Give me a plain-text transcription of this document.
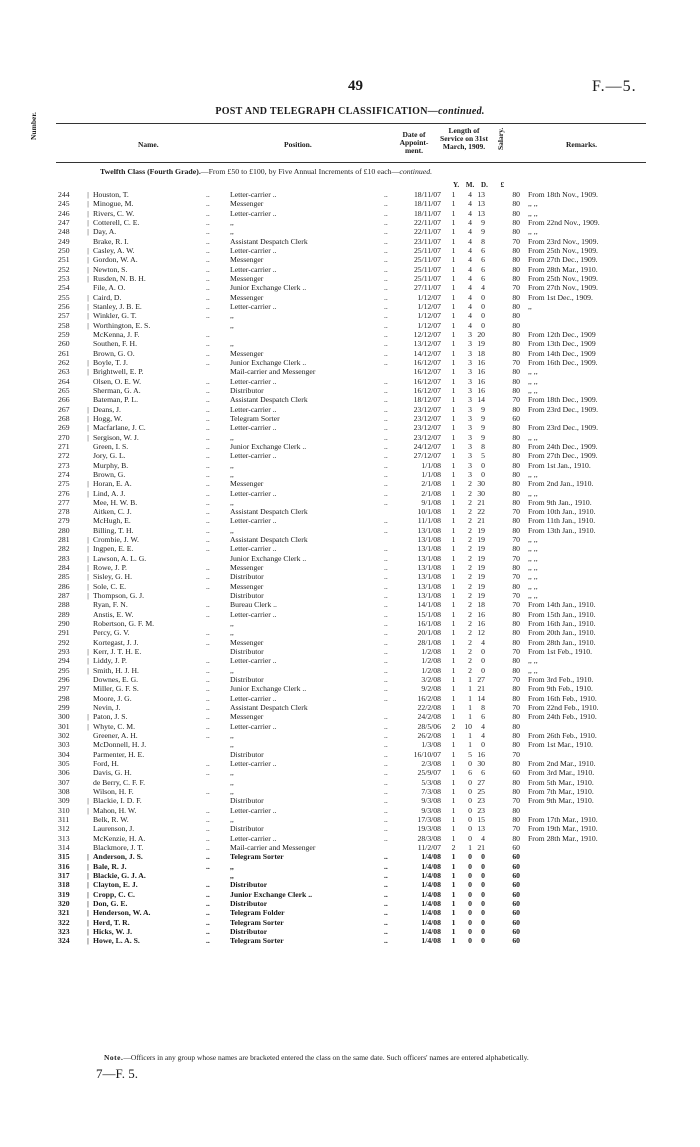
49	F.—5.
POST AND TELEGRAPH CLASSIFICATION—continued.
Number.
Name.	Position.
Date of Appoint- ment.
Length of Service on 31st March, 1909.	Salary.	Remarks.
Twelfth Class (Fourth Grade).—From £50 to £100, by Five Annual Increments of £10 each—continued.
Y. M. D. £
|
244	Houston, T.	..	Letter-carrier ..	..	18/11/07 1	4 13	80 From 18th Nov., 1909.
|
245	Minogue, M.	..	Messenger	..	18/11/07 1	4 13	80 ,, ,,
|
246	Rivers, C. W.	..	Letter-carrier ..	..	18/11/07 1	4 13	80 ,, ,,
|
247	Cotterell, C. E.	..	,,	..	22/11/07 1	4	9	80 From 22nd Nov., 1909.
|
248	Day, A.	..	,,	..	22/11/07 1	4	9	80 ,, ,,
249	Brake, R. I.	..	Assistant Despatch Clerk	..	23/11/07 1	4	8	70 From 23rd Nov., 1909.
|
250	Casley, A. W.	..	Letter-carrier ..	..	25/11/07 1	4	6	80 From 25th Nov., 1909.
|
251	Gordon, W. A.	..	Messenger	..	25/11/07 1	4	6	80 From 27th Dec., 1909.
|
252	Newton, S.	..	Letter-carrier ..	..	25/11/07 1	4	6	80 From 28th Mar., 1910.
|
253	Rusden, N. B. H.	..	Messenger	..	25/11/07 1	4	6	80 From 25th Nov., 1909.
254	File, A. O.	..	Junior Exchange Clerk ..	..	27/11/07 1	4	4	70 From 27th Nov., 1909.
|
255	Caird, D.	..	Messenger	..	1/12/07 1	4	0	80 From 1st Dec., 1909.
|
256	Stanley, J. B. E.	..	Letter-carrier ..	..	1/12/07 1	4	0	80 ,,
|
257	Winkler, G. T.	..	,,	..	1/12/07 1	4	0	80
|
258	Worthington, E. S.	,,	..	1/12/07 1	4	0	80
259	McKenna, J. F.	..	..	12/12/07 1	3 20	80 From 12th Dec., 1909
260	Southen, F. H.	..	,,	..	13/12/07 1	3 19	80 From 13th Dec., 1909
261	Brown, G. O.	..	Messenger	..	14/12/07 1	3 18	80 From 14th Dec., 1909
|
262	Boyle, T. J.	..	Junior Exchange Clerk ..	..	16/12/07 1	3 16	70 From 16th Dec., 1909.
|
263	Brightwell, E. P.	Mail-carrier and Messenger	16/12/07 1	3 16	80 ,, ,,
264	Olsen, O. E. W.	..	Letter-carrier ..	..	16/12/07 1	3 16	80 ,, ,,
265	Sherman, G. A.	..	Distributor	..	16/12/07 1	3 16	80 ,, ,,
266	Bateman, P. L.	..	Assistant Despatch Clerk	..	18/12/07 1	3 14	70 From 18th Dec., 1909.
|
267	Deans, J.	..	Letter-carrier ..	..	23/12/07 1	3	9	80 From 23rd Dec., 1909.
|
268	Hogg, W.	..	Telegram Sorter	..	23/12/07 1	3	9	60
|
269	Macfarlane, J. C.	..	Letter-carrier ..	..	23/12/07 1	3	9	80 From 23rd Dec., 1909.
|
270	Sergison, W. J.	..	,,	..	23/12/07 1	3	9	80 ,, ,,
271	Green, I. S.	..	Junior Exchange Clerk ..	..	24/12/07 1	3	8	80 From 24th Dec., 1909.
272	Jory, G. L.	..	Letter-carrier ..	..	27/12/07 1	3	5	80 From 27th Dec., 1909.
273	Murphy, B.	..	,,	..	1/1/08 1	3	0	80 From 1st Jan., 1910.
274	Brown, G.	..	,,	..	1/1/08 1	3	0	80 ,, ,,
|
275	Horan, E. A.	..	Messenger	..	2/1/08 1	2 30	80 From 2nd Jan., 1910.
|
276	Lind, A. J.	..	Letter-carrier ..	..	2/1/08 1	2 30	80 ,, ,,
277	Mee, H. W. B.	..	,,	..	9/1/08 1	2 21	80 From 9th Jan., 1910.
278	Aitken, C. J.	..	Assistant Despatch Clerk	10/1/08 1	2 22	70 From 10th Jan., 1910.
279	McHugh, E.	..	Letter-carrier ..	..	11/1/08 1	2 21	80 From 11th Jan., 1910.
280	Billing, T. H.	..	,,	..	13/1/08 1	2 19	80 From 13th Jan., 1910.
|
281	Crombie, J. W.	..	Assistant Despatch Clerk	13/1/08 1	2 19	70 ,, ,,
|
282	Ingpen, E. E.	..	Letter-carrier ..	..	13/1/08 1	2 19	80 ,, ,,
|
283	Lawson, A. L. G.	Junior Exchange Clerk ..	..	13/1/08 1	2 19	70 ,, ,,
|
284	Rowe, J. P.	..	Messenger	..	13/1/08 1	2 19	80 ,, ,,
|
285	Sisley, G. H.	..	Distributor	..	13/1/08 1	2 19	70 ,, ,,
|
286	Sole, C. E.	..	Messenger	..	13/1/08 1	2 19	80 ,, ,,
|
287	Thompson, G. J.	Distributor	..	13/1/08 1	2 19	70 ,, ,,
288	Ryan, F. N.	..	Bureau Clerk ..	..	14/1/08 1	2 18	70 From 14th Jan., 1910.
289	Anstis, E. W.	..	Letter-carrier ..	..	15/1/08 1	2 16	80 From 15th Jan., 1910.
290	Robertson, G. F. M.	,,	..	16/1/08 1	2 16	80 From 16th Jan., 1910.
291	Percy, G. V.	..	,,	..	20/1/08 1	2 12	80 From 20th Jan., 1910.
292	Kortegast, J. J.	..	Messenger	..	28/1/08 1	2	4	80 From 28th Jan., 1910.
|
293	Kerr, J. T. H. E.	Distributor	..	1/2/08 1	2	0	70 From 1st Feb., 1910.
|
294	Liddy, J. P.	..	Letter-carrier ..	..	1/2/08 1	2	0	80 ,, ,,
|
295	Smith, H. J. H.	..	,,	..	1/2/08 1	2	0	80 ,, ,,
296	Downes, E. G.	..	Distributor	..	3/2/08 1	1 27	70 From 3rd Feb., 1910.
297	Miller, G. F. S.	..	Junior Exchange Clerk ..	..	9/2/08 1	1 21	80 From 9th Feb., 1910.
298	Moore, J. G.	..	Letter-carrier ..	..	16/2/08 1	1 14	80 From 16th Feb., 1910.
299	Nevin, J.	..	Assistant Despatch Clerk	22/2/08 1	1	8	70 From 22nd Feb., 1910.
|
300	Paton, J. S.	..	Messenger	..	24/2/08 1	1	6	80 From 24th Feb., 1910.
|
301	Whyte, C. M.	..	Letter-carrier ..	..	28/5/06 2	10	4	80
302	Greener, A. H.	..	,,	..	26/2/08 1	1	4	80 From 26th Feb., 1910.
303	McDonnell, H. J.	,,	..	1/3/08 1	1	0	80 From 1st Mar., 1910.
304	Parmenter, H. E.	Distributor	..	16/10/07 1	5 16	70
305	Ford, H.	..	Letter-carrier ..	..	2/3/08 1	0 30	80 From 2nd Mar., 1910.
306	Davis, G. H.	..	,,	..	25/9/07 1	6	6	60 From 3rd Mar., 1910.
307	de Berry, C. F. F.	,,	..	5/3/08 1	0 27	80 From 5th Mar., 1910.
308	Wilson, H. F.	..	,,	..	7/3/08 1	0 25	80 From 7th Mar., 1910.
|
309	Blackie, I. D. F.	Distributor	..	9/3/08 1	0 23	70 From 9th Mar., 1910.
|
310	Mahon, H. W.	..	Letter-carrier ..	..	9/3/08 1	0 23	80
311	Belk, R. W.	..	,,	..	17/3/08 1	0 15	80 From 17th Mar., 1910.
312	Laurenson, J.	..	Distributor	..	19/3/08 1	0 13	70 From 19th Mar., 1910.
313	McKenzie, H. A.	..	Letter-carrier ..	..	28/3/08 1	0	4	80 From 28th Mar., 1910.
314	Blackmore, J. T.	..	Mail-carrier and Messenger	11/2/07 2	1 21	60
|
315	Anderson, J. S.	..	Telegram Sorter	..	1/4/08 1	0	0	60
|
316	Bale, R. J.	..	,,	..	1/4/08 1	0	0	60
|
317	Blackie, G. J. A.	,,	..	1/4/08 1	0	0	60
|
318	Clayton, E. J.	..	Distributor	..	1/4/08 1	0	0	60
|
319	Cropp, C. C.	..	Junior Exchange Clerk ..	..	1/4/08 1	0	0	60
|
320	Don, G. E.	..	Distributor	..	1/4/08 1	0	0	60
|
321	Henderson, W. A.	..	Telegram Folder	..	1/4/08 1	0	0	60
|
322	Herd, T. R.	..	Telegram Sorter	..	1/4/08 1	0	0	60
|
323	Hicks, W. J.	..	Distributor	..	1/4/08 1	0	0	60
|
324	Howe, L. A. S.	..	Telegram Sorter	..	1/4/08 1	0	0	60
Note.—Officers in any group whose names are bracketed entered the class on the same date. Such officers' names are entered alphabetically.
7—F. 5.
